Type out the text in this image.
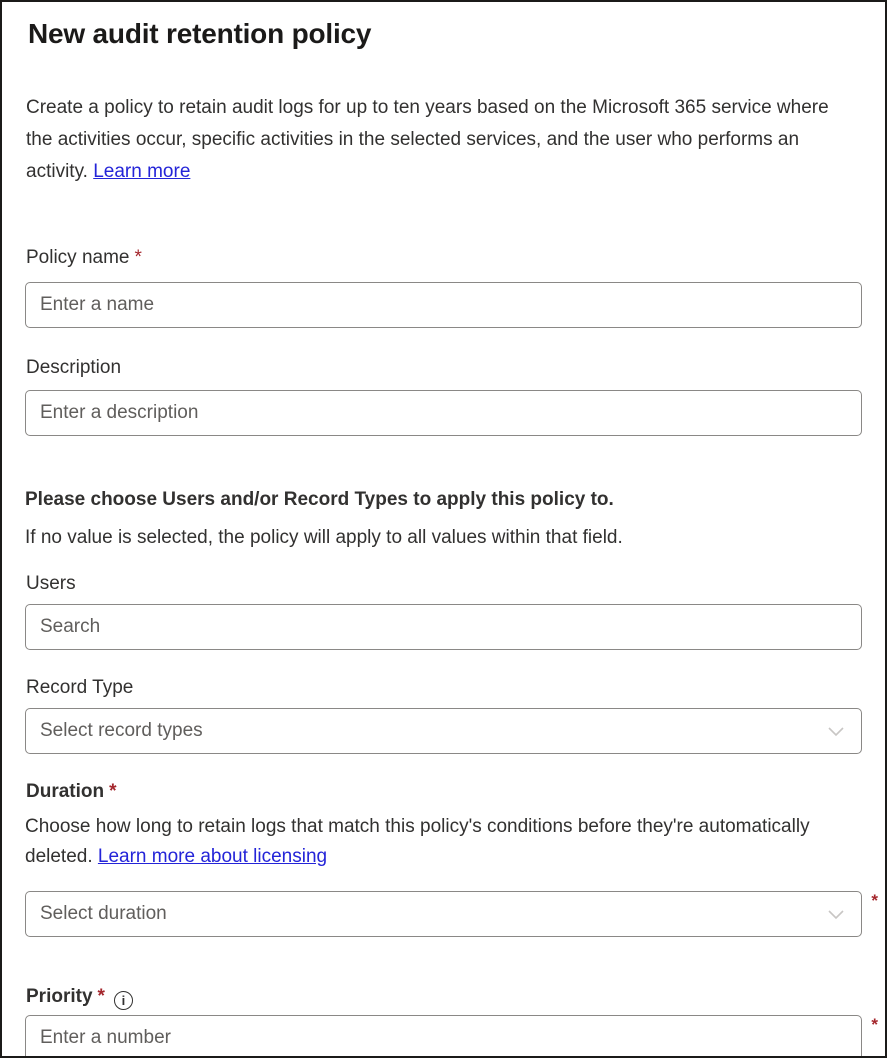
New audit retention policy

Create a policy to retain audit logs for up to ten years based on the Microsoft 365 service where the activities occur, specific activities in the selected services, and the user who performs an activity. Learn more

Policy name *
Enter a name
Description
Enter a description
Please choose Users and/or Record Types to apply this policy to.
If no value is selected, the policy will apply to all values within that field.
Users
Search
Record Type
Select record types
Duration *

Choose how long to retain logs that match this policy's conditions before they're automatically deleted. Learn more about licensing

Select duration
*
Priority * i
Enter a number
*
